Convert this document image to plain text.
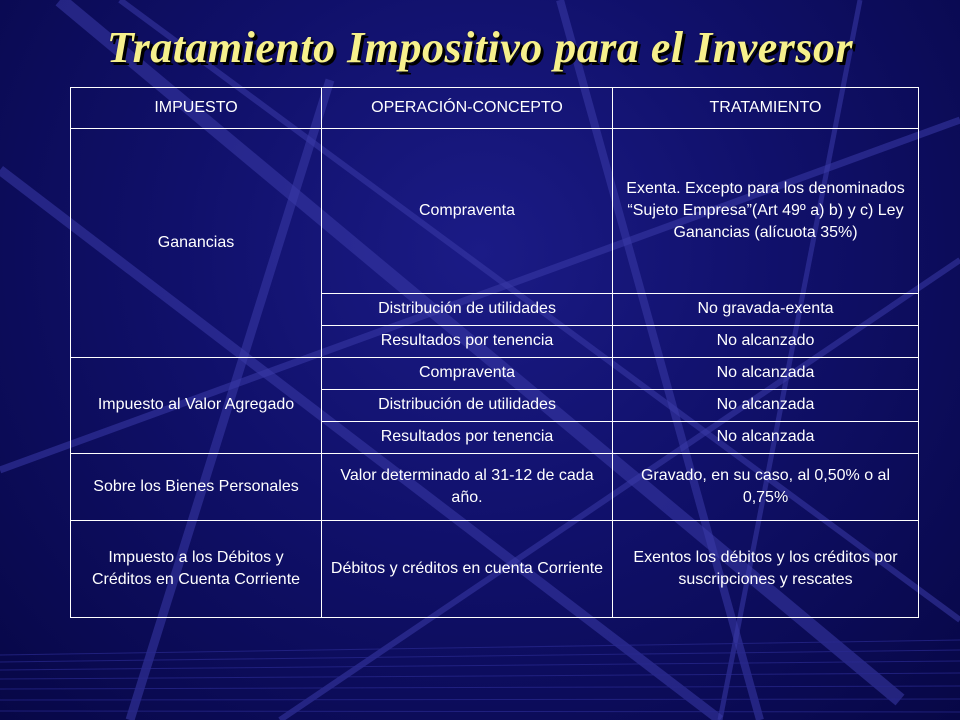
Tratamiento Impositivo para el Inversor
IMPUESTO	OPERACIÓN-CONCEPTO	TRATAMIENTO
Ganancias	Compraventa	Exenta. Excepto para los denominados “Sujeto Empresa”(Art 49º a) b) y c) Ley Ganancias (alícuota 35%)
	Distribución de utilidades	No gravada-exenta
	Resultados por tenencia	No alcanzado
Impuesto al Valor Agregado	Compraventa	No alcanzada
	Distribución de utilidades	No alcanzada
	Resultados por tenencia	No alcanzada
Sobre los Bienes Personales	Valor determinado al 31-12 de cada año.	Gravado, en su caso, al 0,50% o al 0,75%
Impuesto a los Débitos y Créditos en Cuenta Corriente	Débitos y créditos en cuenta Corriente	Exentos los débitos y los créditos por suscripciones y rescates
